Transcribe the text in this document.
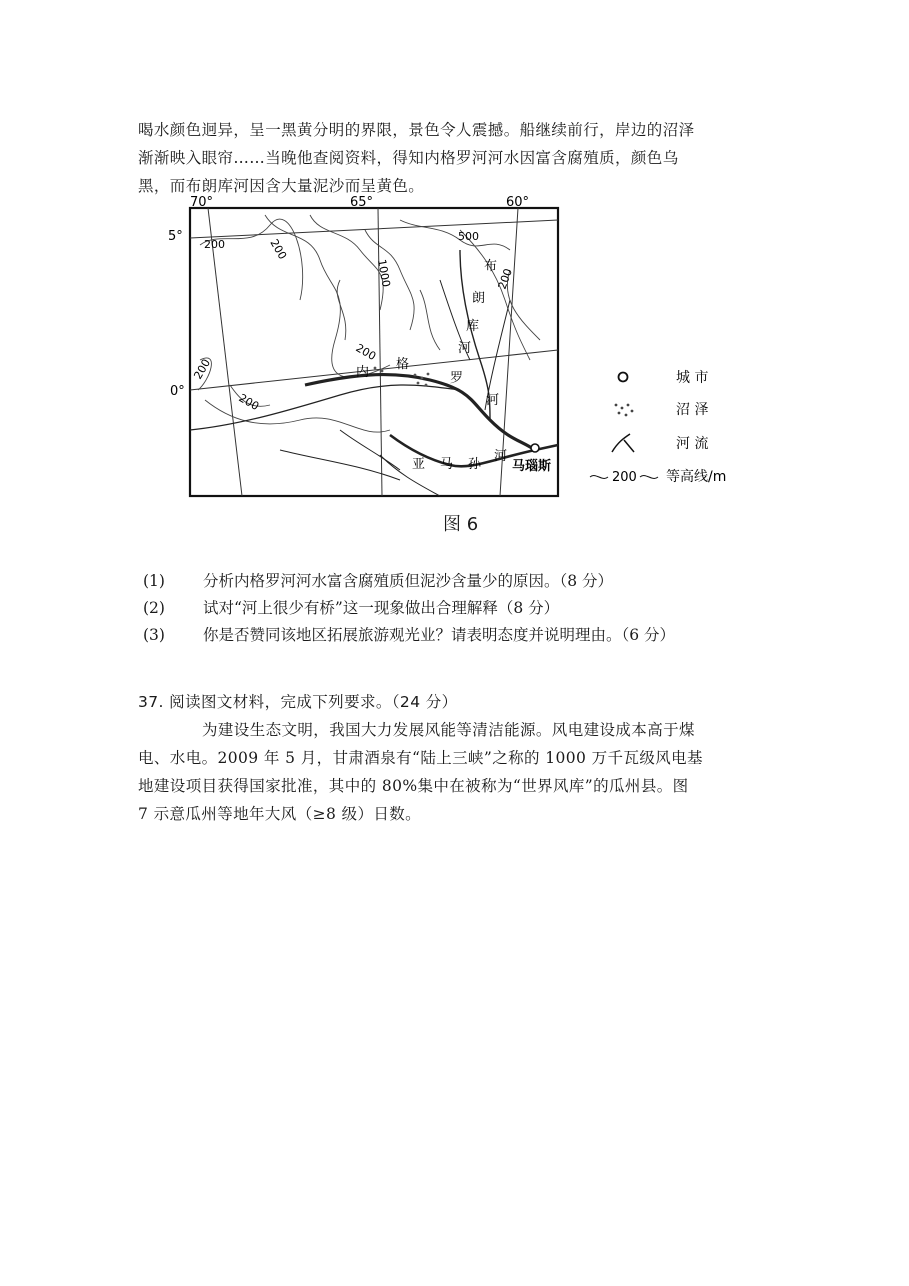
喝水颜色迥异，呈一黑黄分明的界限，景色令人震撼。船继续前行，岸边的沼泽
渐渐映入眼帘……当晚他查阅资料，得知内格罗河河水因富含腐殖质，颜色乌
黑，而布朗库河因含大量泥沙而呈黄色。
70°	65°	60°
5°
0°
200	200
1000
500
200
200
200
200
内
格
罗
河
布
朗
库
河
亚 马 孙
河
马瑙斯
城 市
沼 泽
河 流
200 等高线/m
图 6
(1)	分析内格罗河河水富含腐殖质但泥沙含量少的原因。（8 分）
(2)	试对“河上很少有桥”这一现象做出合理解释（8 分）
(3)	你是否赞同该地区拓展旅游观光业？请表明态度并说明理由。（6 分）
37. 阅读图文材料，完成下列要求。（24 分）
为建设生态文明，我国大力发展风能等清洁能源。风电建设成本高于煤
电、水电。2009 年 5 月，甘肃酒泉有“陆上三峡”之称的 1000 万千瓦级风电基
地建设项目获得国家批准，其中的 80%集中在被称为“世界风库”的瓜州县。图
7 示意瓜州等地年大风（≥8 级）日数。
